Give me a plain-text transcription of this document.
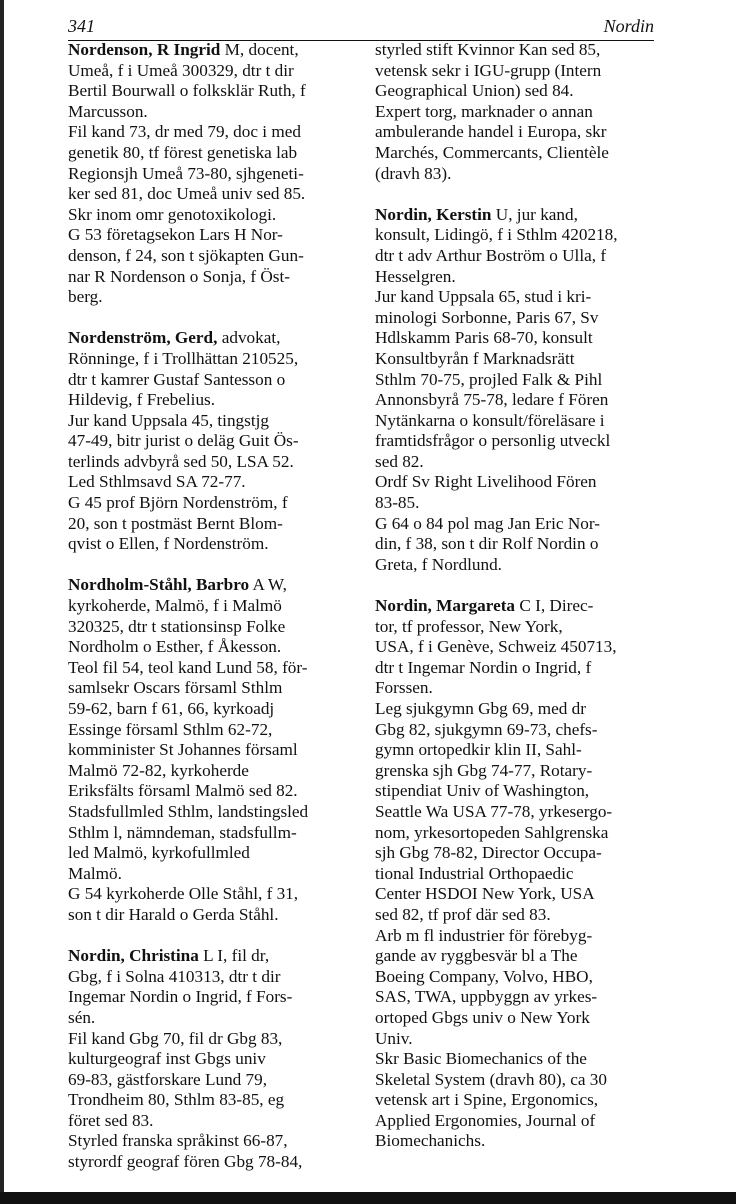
341	Nordin
Nordenson, R Ingrid M, docent,
Umeå, f i Umeå 300329, dtr t dir
Bertil Bourwall o folksklär Ruth, f
Marcusson.
Fil kand 73, dr med 79, doc i med
genetik 80, tf förest genetiska lab
Regionsjh Umeå 73-80, sjhgeneti-
ker sed 81, doc Umeå univ sed 85.
Skr inom omr genotoxikologi.
G 53 företagsekon Lars H Nor-
denson, f 24, son t sjökapten Gun-
nar R Nordenson o Sonja, f Öst-
berg.
Nordenström, Gerd, advokat,
Rönninge, f i Trollhättan 210525,
dtr t kamrer Gustaf Santesson o
Hildevig, f Frebelius.
Jur kand Uppsala 45, tingstjg
47-49, bitr jurist o deläg Guit Ös-
terlinds advbyrå sed 50, LSA 52.
Led Sthlmsavd SA 72-77.
G 45 prof Björn Nordenström, f
20, son t postmäst Bernt Blom-
qvist o Ellen, f Nordenström.
Nordholm-Ståhl, Barbro A W,
kyrkoherde, Malmö, f i Malmö
320325, dtr t stationsinsp Folke
Nordholm o Esther, f Åkesson.
Teol fil 54, teol kand Lund 58, för-
samlsekr Oscars församl Sthlm
59-62, barn f 61, 66, kyrkoadj
Essinge församl Sthlm 62-72,
komminister St Johannes församl
Malmö 72-82, kyrkoherde
Eriksfälts församl Malmö sed 82.
Stadsfullmled Sthlm, landstingsled
Sthlm l, nämndeman, stadsfullm-
led Malmö, kyrkofullmled
Malmö.
G 54 kyrkoherde Olle Ståhl, f 31,
son t dir Harald o Gerda Ståhl.
Nordin, Christina L I, fil dr,
Gbg, f i Solna 410313, dtr t dir
Ingemar Nordin o Ingrid, f Fors-
sén.
Fil kand Gbg 70, fil dr Gbg 83,
kulturgeograf inst Gbgs univ
69-83, gästforskare Lund 79,
Trondheim 80, Sthlm 83-85, eg
föret sed 83.
Styrled franska språkinst 66-87,
styrordf geograf fören Gbg 78-84,
styrled stift Kvinnor Kan sed 85,
vetensk sekr i IGU-grupp (Intern
Geographical Union) sed 84.
Expert torg, marknader o annan
ambulerande handel i Europa, skr
Marchés, Commercants, Clientèle
(dravh 83).
Nordin, Kerstin U, jur kand,
konsult, Lidingö, f i Sthlm 420218,
dtr t adv Arthur Boström o Ulla, f
Hesselgren.
Jur kand Uppsala 65, stud i kri-
minologi Sorbonne, Paris 67, Sv
Hdlskamm Paris 68-70, konsult
Konsultbyrån f Marknadsrätt
Sthlm 70-75, projled Falk & Pihl
Annonsbyrå 75-78, ledare f Fören
Nytänkarna o konsult/föreläsare i
framtidsfrågor o personlig utveckl
sed 82.
Ordf Sv Right Livelihood Fören
83-85.
G 64 o 84 pol mag Jan Eric Nor-
din, f 38, son t dir Rolf Nordin o
Greta, f Nordlund.
Nordin, Margareta C I, Direc-
tor, tf professor, New York,
USA, f i Genève, Schweiz 450713,
dtr t Ingemar Nordin o Ingrid, f
Forssen.
Leg sjukgymn Gbg 69, med dr
Gbg 82, sjukgymn 69-73, chefs-
gymn ortopedkir klin II, Sahl-
grenska sjh Gbg 74-77, Rotary-
stipendiat Univ of Washington,
Seattle Wa USA 77-78, yrkesergo-
nom, yrkesortopeden Sahlgrenska
sjh Gbg 78-82, Director Occupa-
tional Industrial Orthopaedic
Center HSDOI New York, USA
sed 82, tf prof där sed 83.
Arb m fl industrier för förebyg-
gande av ryggbesvär bl a The
Boeing Company, Volvo, HBO,
SAS, TWA, uppbyggn av yrkes-
ortoped Gbgs univ o New York
Univ.
Skr Basic Biomechanics of the
Skeletal System (dravh 80), ca 30
vetensk art i Spine, Ergonomics,
Applied Ergonomies, Journal of
Biomechanichs.
